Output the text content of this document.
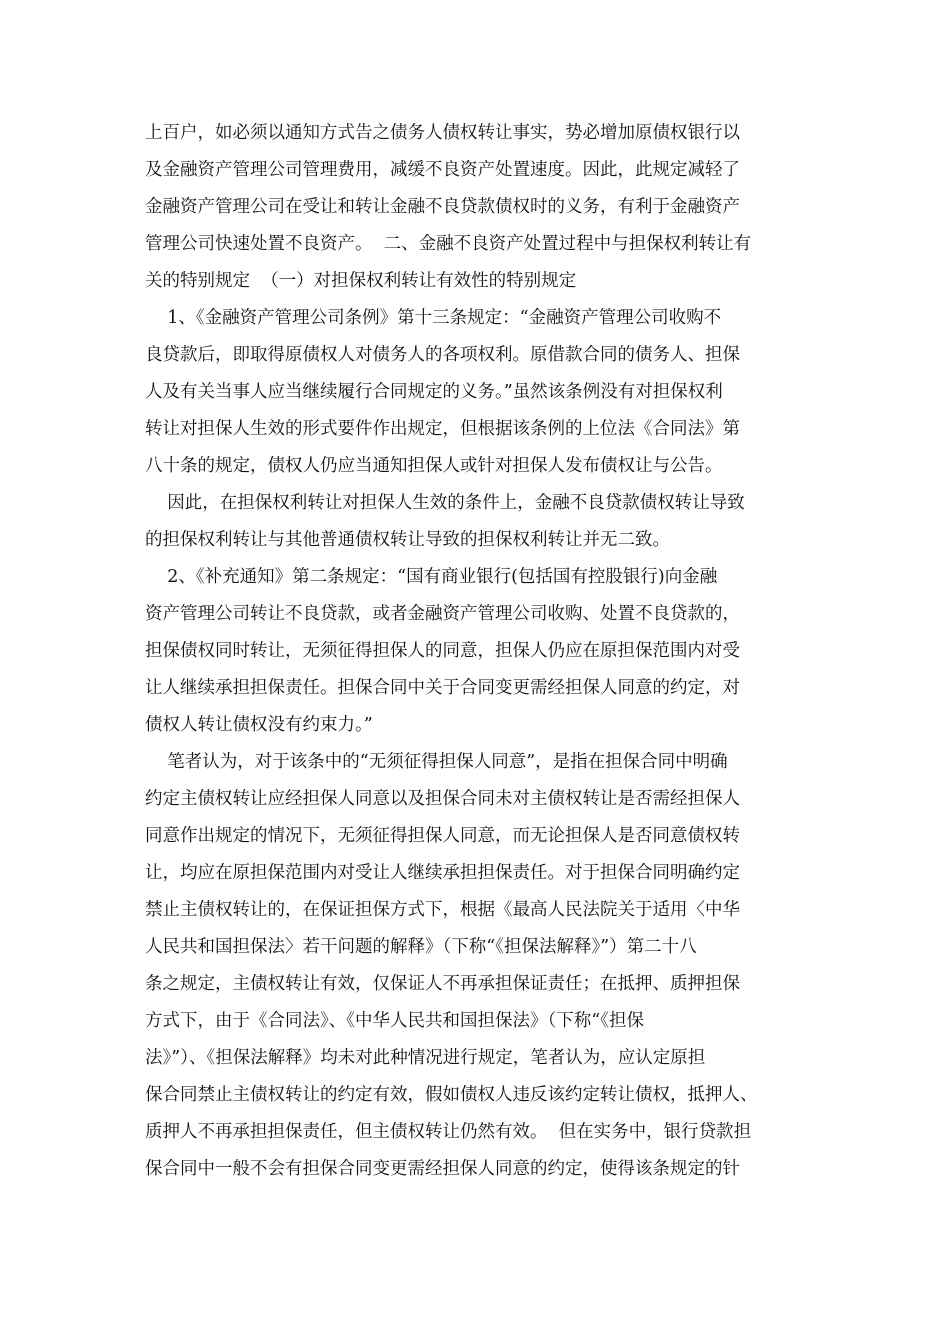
上百户，如必须以通知方式告之债务人债权转让事实，势必增加原债权银行以
及金融资产管理公司管理费用，减缓不良资产处置速度。因此，此规定减轻了
金融资产管理公司在受让和转让金融不良贷款债权时的义务，有利于金融资产
管理公司快速处置不良资产。  二、金融不良资产处置过程中与担保权利转让有
关的特别规定  （一）对担保权利转让有效性的特别规定
1、《金融资产管理公司条例》第十三条规定：“金融资产管理公司收购不
良贷款后，即取得原债权人对债务人的各项权利。原借款合同的债务人、担保
人及有关当事人应当继续履行合同规定的义务。”虽然该条例没有对担保权利
转让对担保人生效的形式要件作出规定，但根据该条例的上位法《合同法》第
八十条的规定，债权人仍应当通知担保人或针对担保人发布债权让与公告。
因此，在担保权利转让对担保人生效的条件上，金融不良贷款债权转让导致
的担保权利转让与其他普通债权转让导致的担保权利转让并无二致。
2、《补充通知》第二条规定：“国有商业银行(包括国有控股银行)向金融
资产管理公司转让不良贷款，或者金融资产管理公司收购、处置不良贷款的，
担保债权同时转让，无须征得担保人的同意，担保人仍应在原担保范围内对受
让人继续承担担保责任。担保合同中关于合同变更需经担保人同意的约定，对
债权人转让债权没有约束力。”
笔者认为，对于该条中的“无须征得担保人同意”，是指在担保合同中明确
约定主债权转让应经担保人同意以及担保合同未对主债权转让是否需经担保人
同意作出规定的情况下，无须征得担保人同意，而无论担保人是否同意债权转
让，均应在原担保范围内对受让人继续承担担保责任。对于担保合同明确约定
禁止主债权转让的，在保证担保方式下，根据《最高人民法院关于适用〈中华
人民共和国担保法〉若干问题的解释》（下称“《担保法解释》”）第二十八
条之规定，主债权转让有效，仅保证人不再承担保证责任；在抵押、质押担保
方式下，由于《合同法》、《中华人民共和国担保法》（下称“《担保
法》”）、《担保法解释》均未对此种情况进行规定，笔者认为，应认定原担
保合同禁止主债权转让的约定有效，假如债权人违反该约定转让债权，抵押人、
质押人不再承担担保责任，但主债权转让仍然有效。  但在实务中，银行贷款担
保合同中一般不会有担保合同变更需经担保人同意的约定，使得该条规定的针
